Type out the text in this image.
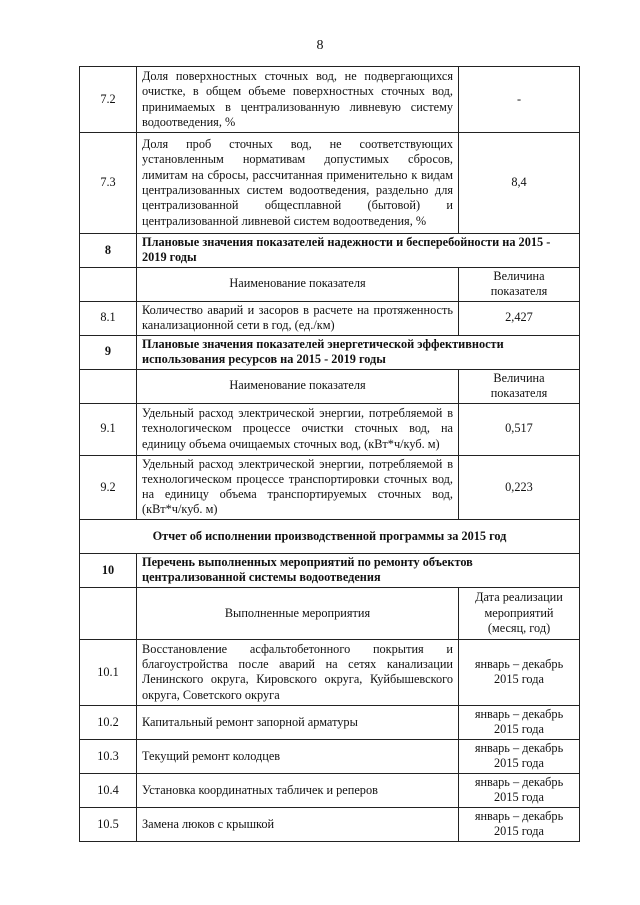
8
7.2	Доля поверхностных сточных вод, не подвергающихся очистке, в общем объеме поверхностных сточных вод, принимаемых в централизованную ливневую систему водоотведения, %	-
7.3	Доля проб сточных вод, не соответствующих установленным нормативам допустимых сбросов, лимитам на сбросы, рассчитанная применительно к видам централизованных систем водоотведения, раздельно для централизованной общесплавной (бытовой) и централизованной ливневой систем водоотведения, %	8,4
8	Плановые значения показателей надежности и бесперебойности на 2015 - 2019 годы	
	Наименование показателя	Величина показателя
8.1	Количество аварий и засоров в расчете на протяженность канализационной сети в год, (ед./км)	2,427
9	Плановые значения показателей энергетической эффективности использования ресурсов на 2015 - 2019 годы	
	Наименование показателя	Величина показателя
9.1	Удельный расход электрической энергии, потребляемой в технологическом процессе очистки сточных вод, на единицу объема очищаемых сточных вод, (кВт*ч/куб. м)	0,517
9.2	Удельный расход электрической энергии, потребляемой в технологическом процессе транспортировки сточных вод, на единицу объема транспортируемых сточных вод, (кВт*ч/куб. м)	0,223
Отчет об исполнении производственной программы за 2015 год		
10	Перечень выполненных мероприятий по ремонту объектов централизованной системы водоотведения	
	Выполненные мероприятия	Дата реализации мероприятий (месяц, год)
10.1	Восстановление асфальтобетонного покрытия и благоустройства после аварий на сетях канализации Ленинского округа, Кировского округа, Куйбышевского округа, Советского округа	январь – декабрь 2015 года
10.2	Капитальный ремонт запорной арматуры	январь – декабрь 2015 года
10.3	Текущий ремонт колодцев	январь – декабрь 2015 года
10.4	Установка координатных табличек и реперов	январь – декабрь 2015 года
10.5	Замена люков с крышкой	январь – декабрь 2015 года
